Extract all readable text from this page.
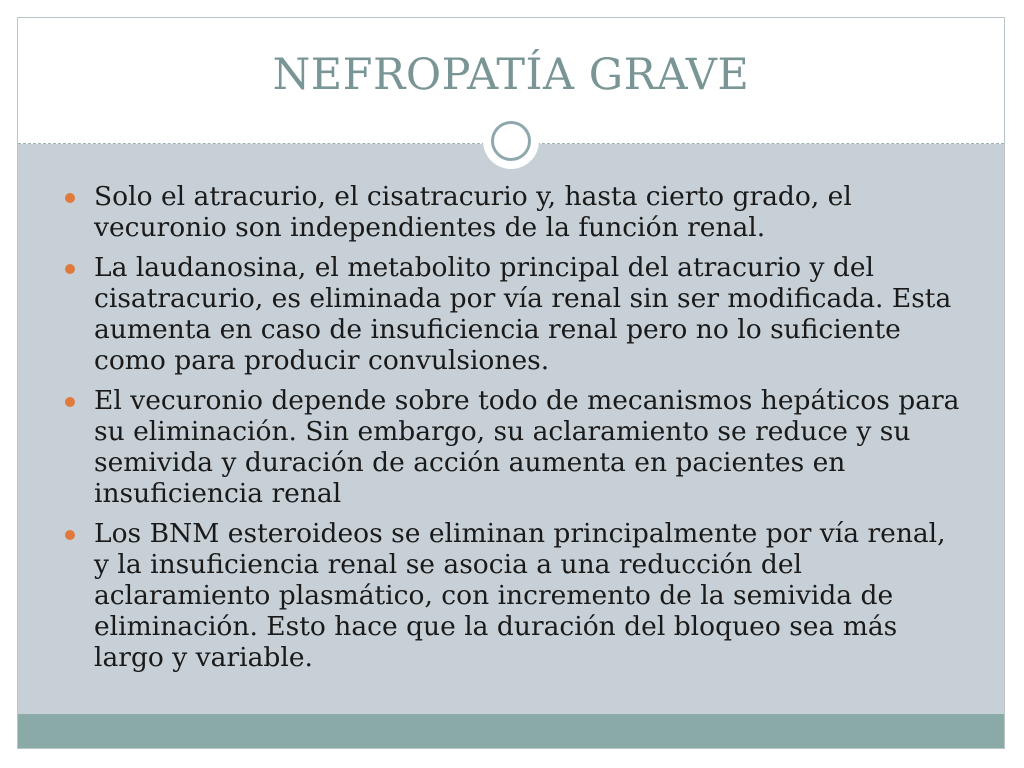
NEFROPATÍA GRAVE
Solo el atracurio, el cisatracurio y, hasta cierto grado, el vecuronio son independientes de la función renal.
La laudanosina, el metabolito principal del atracurio y del cisatracurio, es eliminada por vía renal sin ser modificada. Esta aumenta en caso de insuficiencia renal pero no lo suficiente como para producir convulsiones.
El vecuronio depende sobre todo de mecanismos hepáticos para su eliminación. Sin embargo, su aclaramiento se reduce y su semivida y duración de acción aumenta en pacientes en insuficiencia renal
Los BNM esteroideos se eliminan principalmente por vía renal, y la insuficiencia renal se asocia a una reducción del aclaramiento plasmático, con incremento de la semivida de eliminación. Esto hace que la duración del bloqueo sea más largo y variable.
